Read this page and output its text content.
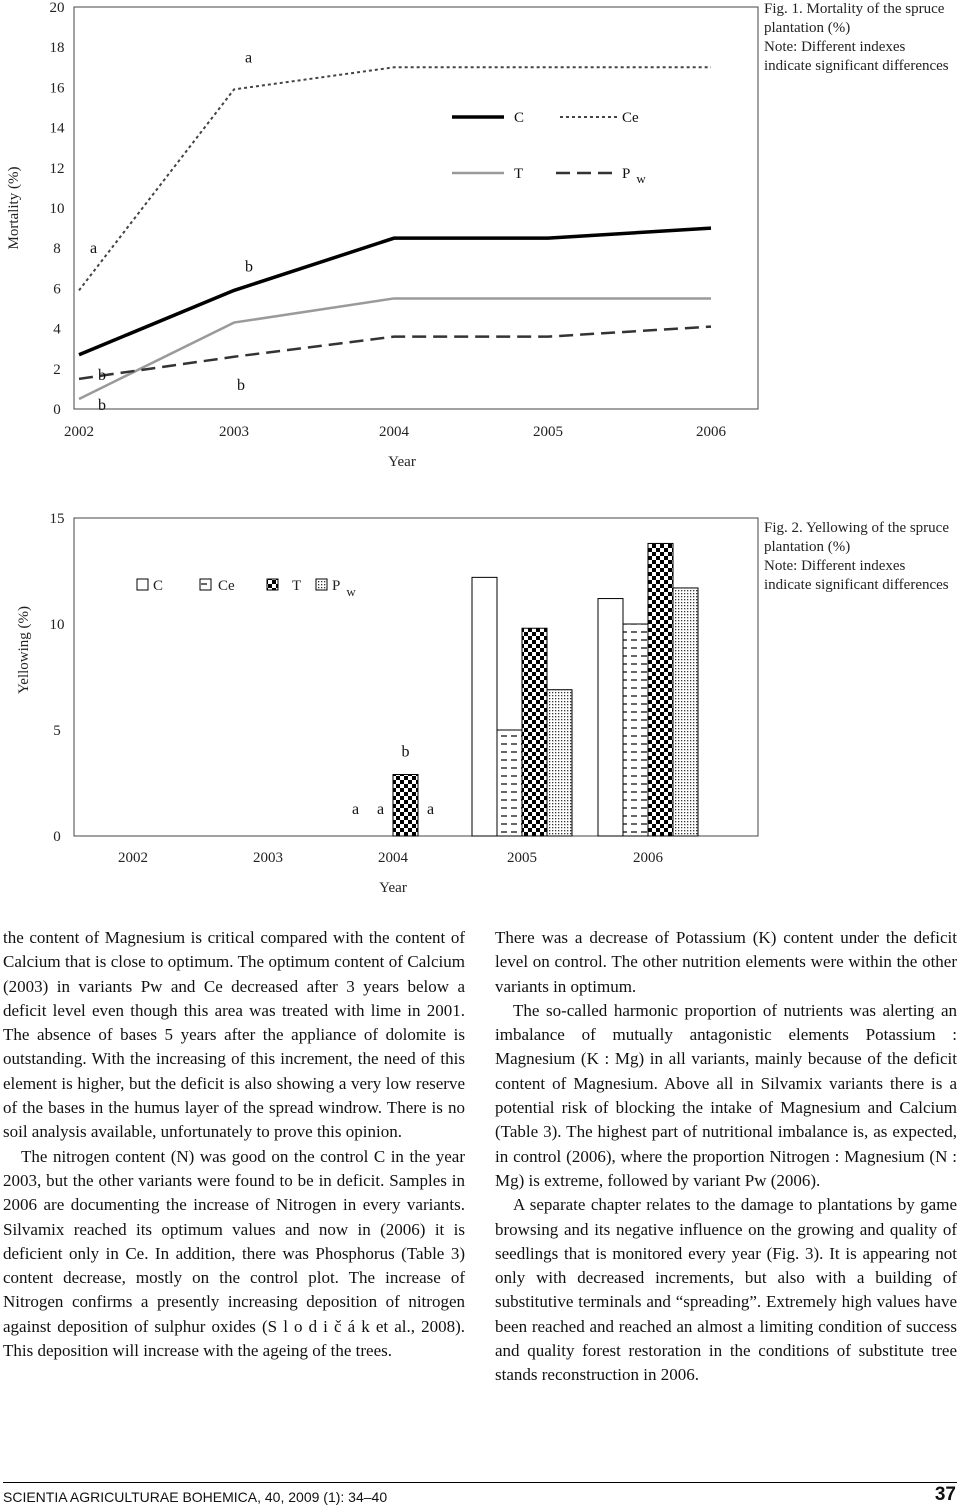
0
2
4
6
8
10
12
14
16
18
20
2002	2003	2004	2005	2006
Mortality (%)
Year
a
a
b
b
b
b
C	Ce
T	P w
Fig. 1. Mortality of the spruce plantation (%)
Note: Different indexes indicate significant differences
0
5
10
15
2002	2003	2004	2005	2006
Yellowing (%)
Year
a a
b
a
C	Ce	T P w
Fig. 2. Yellowing of the spruce plantation (%)
Note: Different indexes indicate significant differences

the content of Magnesium is critical compared with the content of Calcium that is close to optimum. The optimum content of Calcium (2003) in variants Pw and Ce decreased after 3 years below a deficit level even though this area was treated with lime in 2001. The absence of bases 5 years after the appliance of dolomite is outstanding. With the increasing of this increment, the need of this element is higher, but the deficit is also showing a very low reserve of the bases in the humus layer of the spread windrow. There is no soil analysis available, unfortunately to prove this opinion.

The nitrogen content (N) was good on the control C in the year 2003, but the other variants were found to be in deficit. Samples in 2006 are documenting the increase of Nitrogen in every variants. Silvamix reached its optimum values and now in (2006) it is deficient only in Ce. In addition, there was Phosphorus (Table 3) content decrease, mostly on the control plot. The increase of Nitrogen confirms a presently increasing deposition of nitrogen against deposition of sulphur oxides (S l o d i č á k et al., 2008). This deposition will increase with the ageing of the trees.

There was a decrease of Potassium (K) content under the deficit level on control. The other nutrition elements were within the other variants in optimum.

The so-called harmonic proportion of nutrients was alerting an imbalance of mutually antagonistic elements Potassium : Magnesium (K : Mg) in all variants, mainly because of the deficit content of Magnesium. Above all in Silvamix variants there is a potential risk of blocking the intake of Magnesium and Calcium (Table 3). The highest part of nutritional imbalance is, as expected, in control (2006), where the proportion Nitrogen : Magnesium (N : Mg) is extreme, followed by variant Pw (2006).

A separate chapter relates to the damage to plantations by game browsing and its negative influence on the growing and quality of seedlings that is monitored every year (Fig. 3). It is appearing not only with decreased increments, but also with a building of substitutive terminals and “spreading”. Extremely high values have been reached and reached an almost a limiting condition of success and quality forest restoration in the conditions of substitute tree stands reconstruction in 2006.

SCIENTIA AGRICULTURAE BOHEMICA, 40, 2009 (1): 34–40	37
